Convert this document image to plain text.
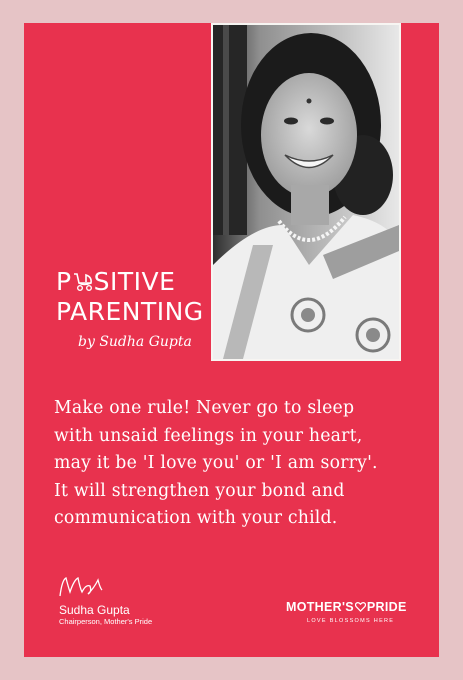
P SITIVE
PARENTING
by Sudha Gupta
Make one rule! Never go to sleep
with unsaid feelings in your heart,
may it be 'I love you' or 'I am sorry'.
It will strengthen your bond and
communication with your child.
Sudha Gupta
Chairperson, Mother's Pride
MOTHER'S PRIDE
LOVE BLOSSOMS HERE
